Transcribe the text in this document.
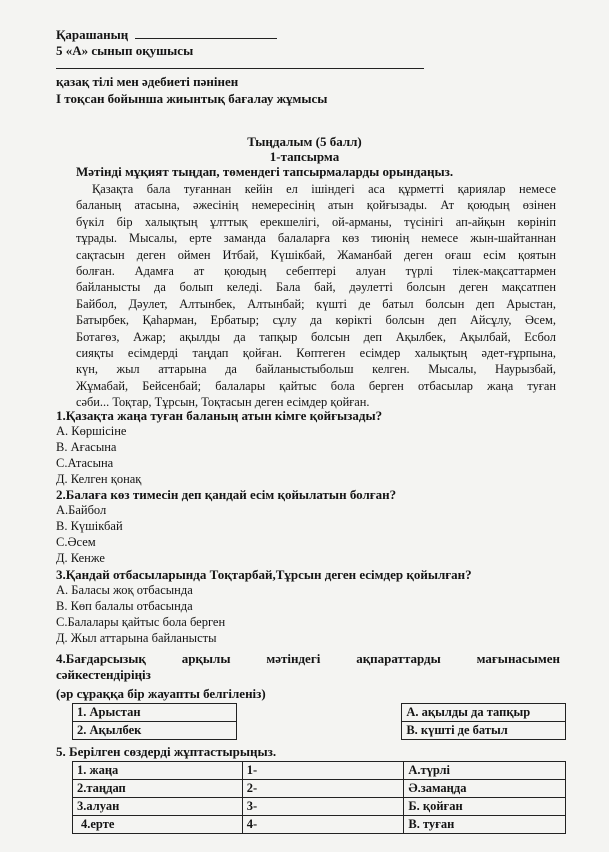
Қарашаның
5 «А» сынып оқушысы
қазақ тілі мен әдебиеті пәнінен
І тоқсан бойынша жиынтық бағалау жұмысы
Тыңдалым (5 балл)
1-тапсырма
Мәтінді мұқият тыңдап, төмендегі тапсырмаларды орындаңыз.
Қазақта бала туғаннан кейін ел ішіндегі аса құрметті қариялар немесе
баланың атасына, әжесінің немересінің атын қойғызады. Ат қоюдың өзінен
бүкіл бір халықтың ұлттық ерекшелігі, ой-арманы, түсінігі ап-айқын көрініп
тұрады. Мысалы, ерте заманда балаларға көз тиюнің немесе жын-шайтаннан
сақтасын деген оймен Итбай, Күшікбай, Жаманбай деген оғаш есім қоятын
болған. Адамға ат қоюдың себептері алуан түрлі тілек-мақсаттармен
байланысты да болып келеді. Бала бай, дәулетті болсын деген мақсатпен
Байбол, Дәулет, Алтынбек, Алтынбай; күшті де батыл болсын деп Арыстан,
Батырбек, Қаһарман, Ербатыр; сұлу да көрікті болсын деп Айсұлу, Әсем,
Ботагөз, Ажар; ақылды да тапқыр болсын деп Ақылбек, Ақылбай, Есбол
сияқты есімдерді таңдап қойған. Көптеген есімдер халықтың әдет-ғұрпына,
күн, жыл аттарына да байланыстыбольш келген. Мысалы, Наурызбай,
Жұмабай, Бейсенбай; балалары қайтыс бола берген отбасылар жаңа туған
сәби... Тоқтар, Тұрсын, Тоқтасын деген есімдер қойған.
1.Қазақта жаңа туған баланың атын кімге қойғызады?
А. Көршісіне
В. Ағасына
С.Атасына
Д. Келген қонақ
2.Балаға көз тимесін деп қандай есім қойылатын болған?
А.Байбол
В. Күшікбай
С.Әсем
Д. Кенже
3.Қандай отбасыларында Тоқтарбай,Тұрсын деген есімдер қойылған?
А. Баласы жоқ отбасында
В. Көп балалы отбасында
С.Балалары қайтыс бола берген
Д. Жыл аттарына байланысты
4.Бағдарсызық	арқылы	мәтіндегі	ақпараттарды	мағынасымен
сәйкестендіріңіз
(әр сұраққа бір жауапты белгіленіз)
1. Арыстан		А. ақылды да тапқыр
2. Ақылбек		В. күшті де батыл
5. Берілген сөздерді жұптастырыңыз.
1. жаңа	1-	А.түрлі
2.таңдап	2-	Ә.замаңда
3.алуан	3-	Б. қойған
4.ерте	4-	В. туған
